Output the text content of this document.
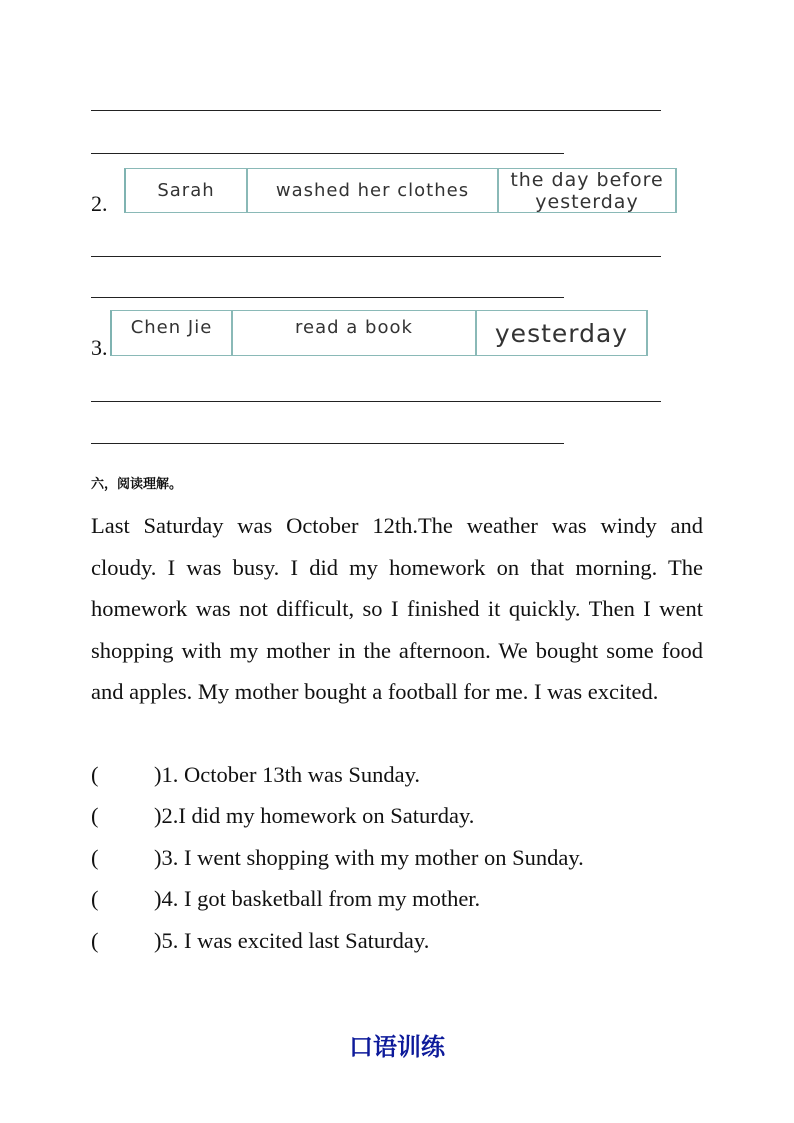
2.
Sarah	washed her clothes	the day before yesterday
3.
Chen Jie	read a book	yesterday
六，阅读理解。

Last Saturday was October 12th.The weather was windy and cloudy. I was busy. I did my homework on that morning. The homework was not difficult, so I finished it quickly. Then I went shopping with my mother in the afternoon. We bought some food and apples. My mother bought a football for me. I was excited.

( )1. October 13th was Sunday.
( )2.I did my homework on Saturday.
( )3. I went shopping with my mother on Sunday.
( )4. I got basketball from my mother.
( )5. I was excited last Saturday.
口语训练
